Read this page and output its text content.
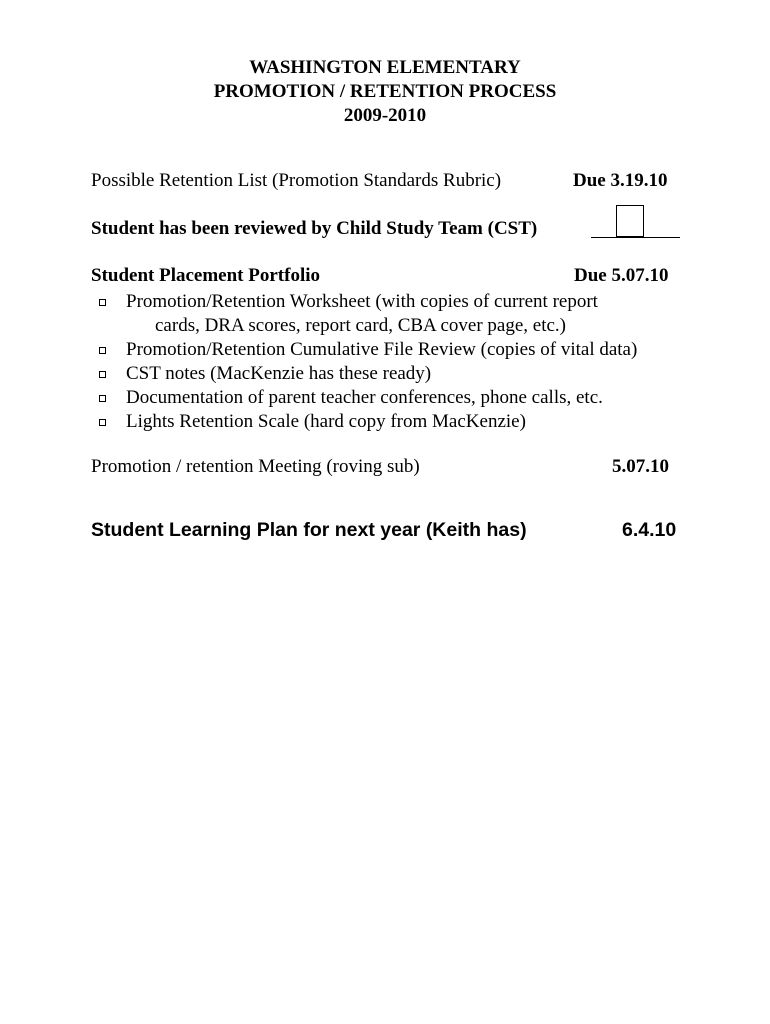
WASHINGTON ELEMENTARY
PROMOTION / RETENTION PROCESS
2009-2010
Possible Retention List (Promotion Standards Rubric)	Due 3.19.10
Student has been reviewed by Child Study Team (CST)
Student Placement Portfolio	Due 5.07.10
Promotion/Retention Worksheet (with copies of current report
cards, DRA scores, report card, CBA cover page, etc.)
Promotion/Retention Cumulative File Review (copies of vital data)
CST notes (MacKenzie has these ready)
Documentation of parent teacher conferences, phone calls, etc.
Lights Retention Scale (hard copy from MacKenzie)
Promotion / retention Meeting (roving sub)	5.07.10
Student Learning Plan for next year (Keith has)	6.4.10
